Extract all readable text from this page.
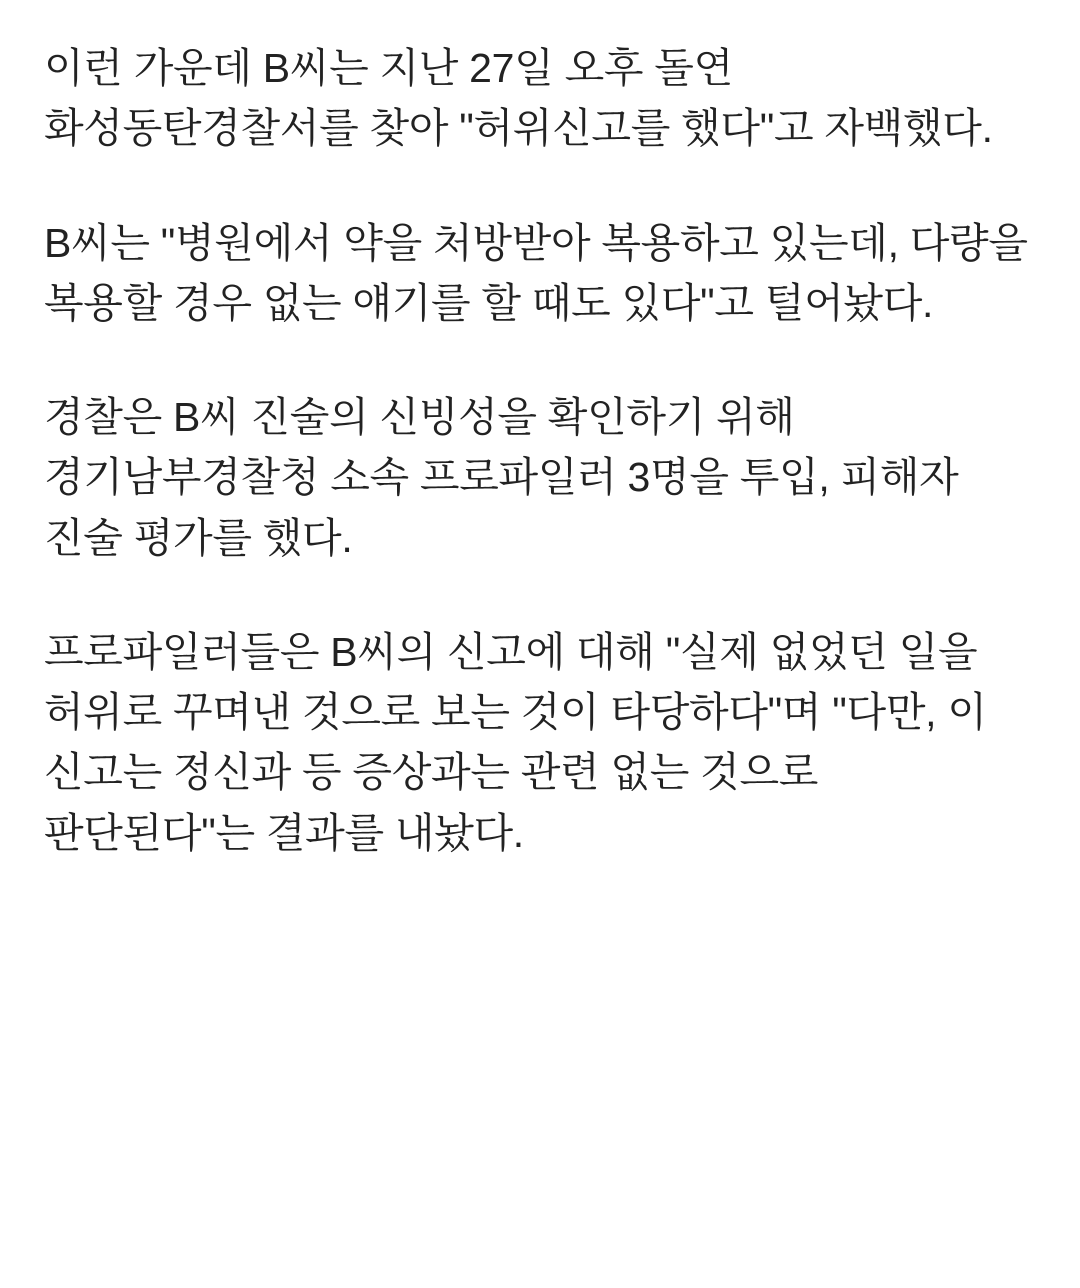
이런 가운데 B씨는 지난 27일 오후 돌연 화성동탄경찰서를 찾아 "허위신고를 했다"고 자백했다.

B씨는 "병원에서 약을 처방받아 복용하고 있는데, 다량을 복용할 경우 없는 얘기를 할 때도 있다"고 털어놨다.

경찰은 B씨 진술의 신빙성을 확인하기 위해 경기남부경찰청 소속 프로파일러 3명을 투입, 피해자 진술 평가를 했다.

프로파일러들은 B씨의 신고에 대해 "실제 없었던 일을 허위로 꾸며낸 것으로 보는 것이 타당하다"며 "다만, 이 신고는 정신과 등 증상과는 관련 없는 것으로 판단된다"는 결과를 내놨다.
